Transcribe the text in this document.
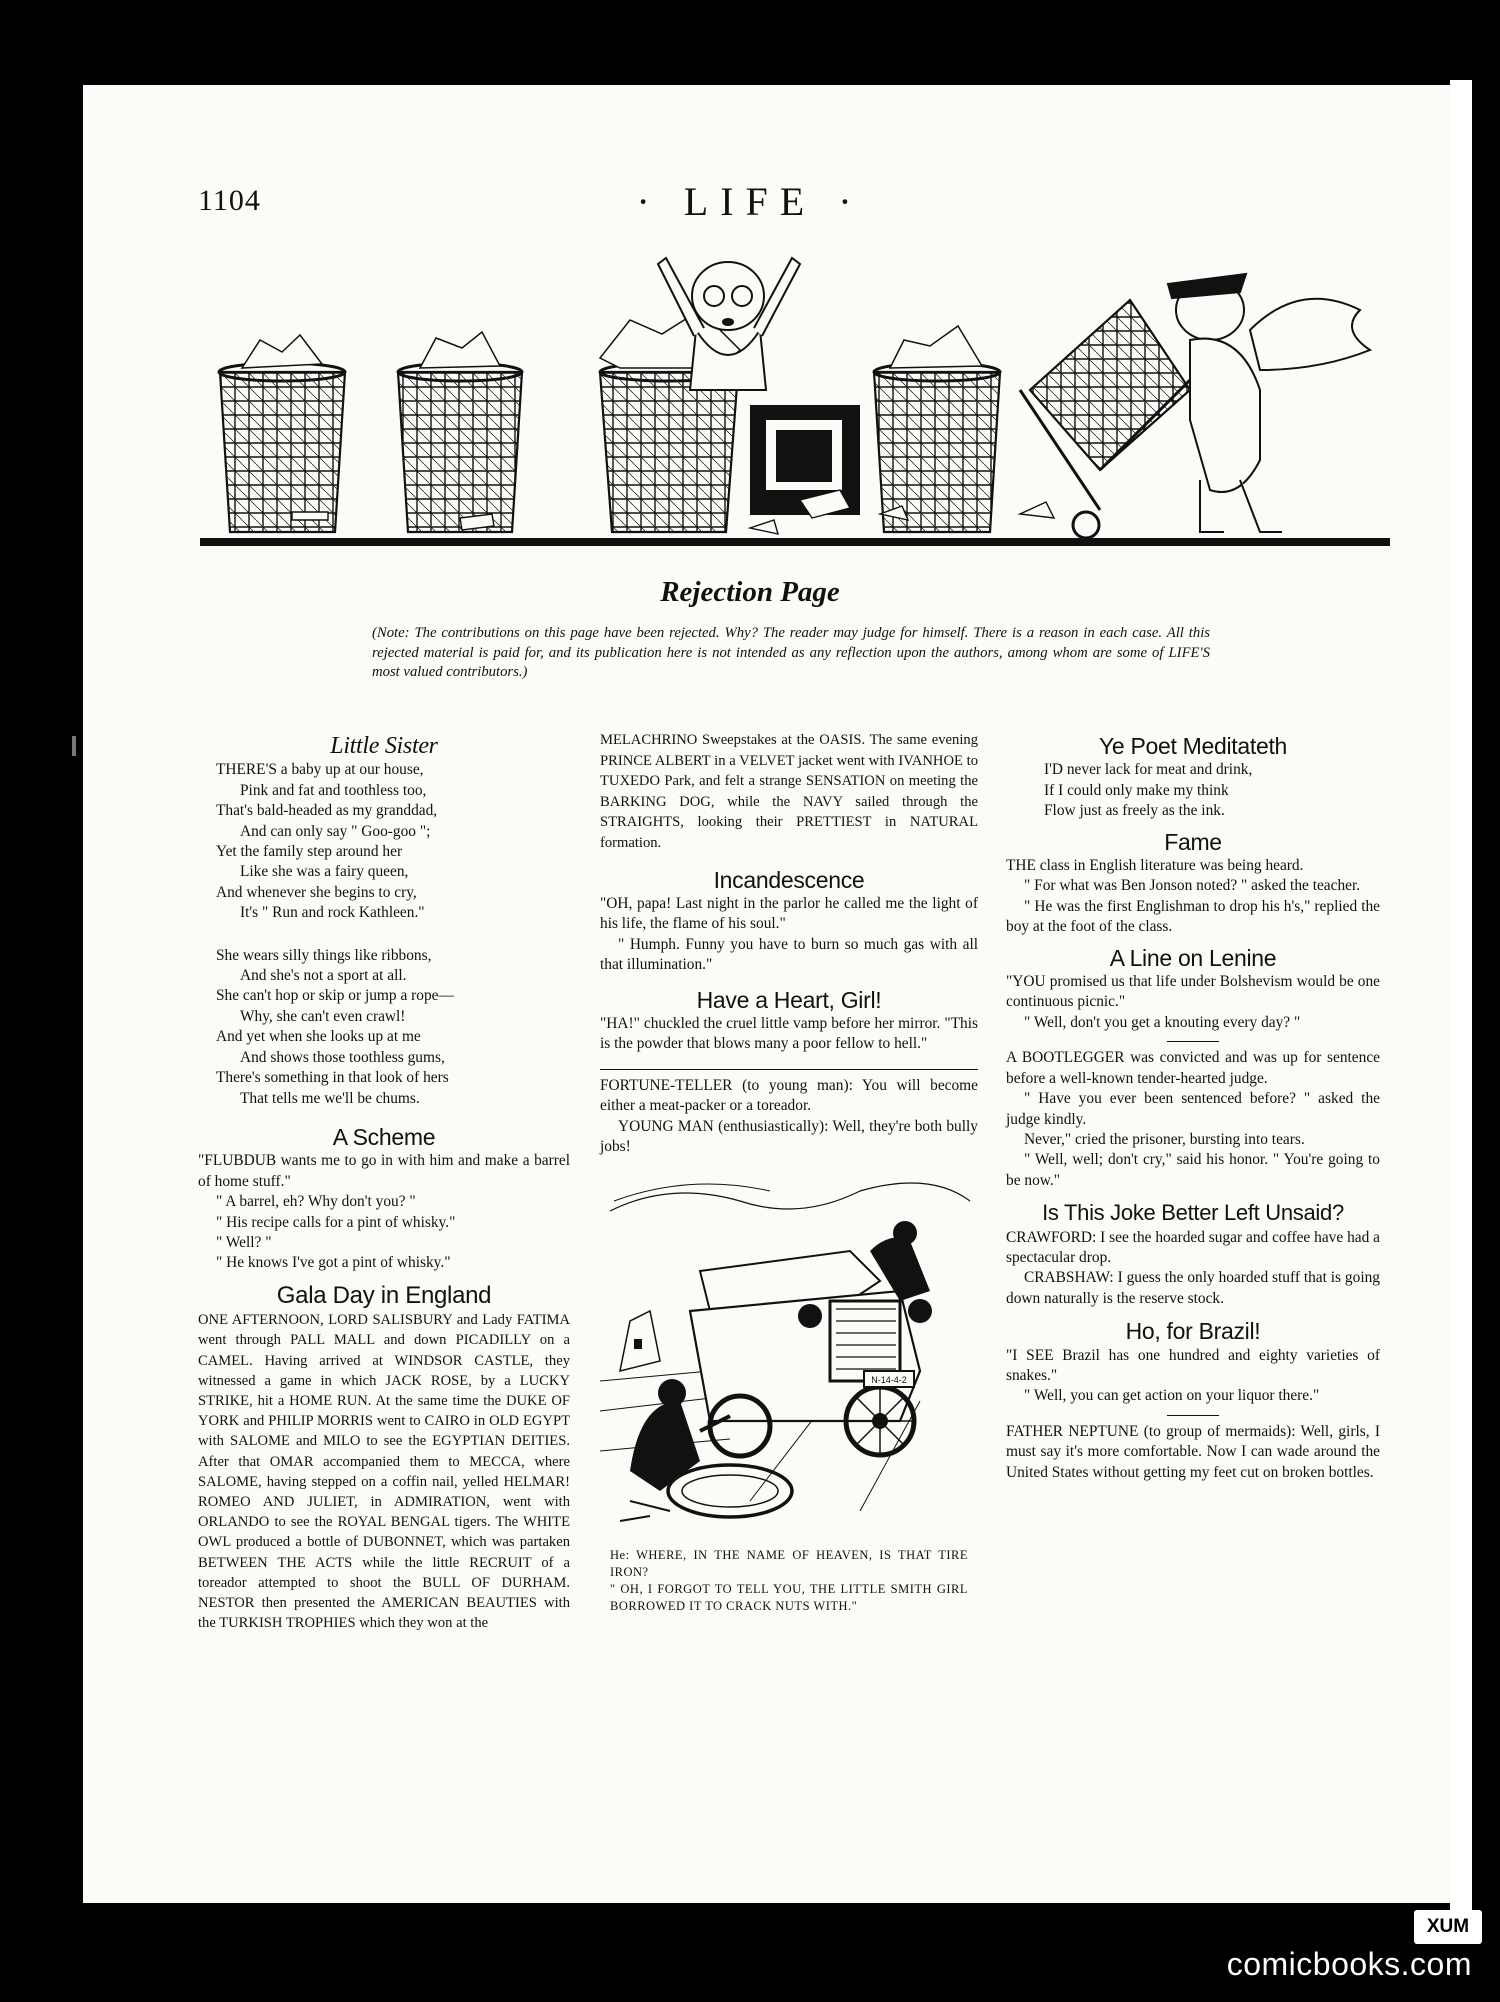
1104	· LIFE ·
Rejection Page
(Note: The contributions on this page have been rejected. Why? The reader may judge for himself. There is a reason in each case. All this rejected material is paid for, and its publication here is not intended as any reflection upon the authors, among whom are some of LIFE'S most valued contributors.)
Little Sister
THERE'S a baby up at our house,
Pink and fat and toothless too,
That's bald-headed as my granddad,
And can only say " Goo-goo ";
Yet the family step around her
Like she was a fairy queen,
And whenever she begins to cry,
It's " Run and rock Kathleen."
She wears silly things like ribbons,
And she's not a sport at all.
She can't hop or skip or jump a rope—
Why, she can't even crawl!
And yet when she looks up at me
And shows those toothless gums,
There's something in that look of hers
That tells me we'll be chums.
A Scheme

"FLUBDUB wants me to go in with him and make a barrel of home stuff."

" A barrel, eh? Why don't you? "

" His recipe calls for a pint of whisky."

" Well? "

" He knows I've got a pint of whisky."

Gala Day in England

ONE AFTERNOON, LORD SALISBURY and Lady FATIMA went through PALL MALL and down PICADILLY on a CAMEL. Having arrived at WINDSOR CASTLE, they witnessed a game in which JACK ROSE, by a LUCKY STRIKE, hit a HOME RUN. At the same time the DUKE OF YORK and PHILIP MORRIS went to CAIRO in OLD EGYPT with SALOME and MILO to see the EGYPTIAN DEITIES. After that OMAR accompanied them to MECCA, where SALOME, having stepped on a coffin nail, yelled HELMAR! ROMEO AND JULIET, in ADMIRATION, went with ORLANDO to see the ROYAL BENGAL tigers. The WHITE OWL produced a bottle of DUBONNET, which was partaken BETWEEN THE ACTS while the little RECRUIT of a toreador attempted to shoot the BULL OF DURHAM. NESTOR then presented the AMERICAN BEAUTIES with the TURKISH TROPHIES which they won at the

MELACHRINO Sweepstakes at the OASIS. The same evening PRINCE ALBERT in a VELVET jacket went with IVANHOE to TUXEDO Park, and felt a strange SENSATION on meeting the BARKING DOG, while the NAVY sailed through the STRAIGHTS, looking their PRETTIEST in NATURAL formation.

Incandescence

"OH, papa! Last night in the parlor he called me the light of his life, the flame of his soul."

" Humph. Funny you have to burn so much gas with all that illumination."

Have a Heart, Girl!

"HA!" chuckled the cruel little vamp before her mirror. "This is the powder that blows many a poor fellow to hell."

FORTUNE-TELLER (to young man): You will become either a meat-packer or a toreador.

YOUNG MAN (enthusiastically): Well, they're both bully jobs!

N-14-4-2
He: WHERE, IN THE NAME OF HEAVEN, IS THAT TIRE IRON?
" OH, I FORGOT TO TELL YOU, THE LITTLE SMITH GIRL BORROWED IT TO CRACK NUTS WITH."
Ye Poet Meditateth
I'D never lack for meat and drink,
If I could only make my think
Flow just as freely as the ink.
Fame

THE class in English literature was being heard.

" For what was Ben Jonson noted? " asked the teacher.

" He was the first Englishman to drop his h's," replied the boy at the foot of the class.

A Line on Lenine

"YOU promised us that life under Bolshevism would be one continuous picnic."

" Well, don't you get a knouting every day? "

A BOOTLEGGER was convicted and was up for sentence before a well-known tender-hearted judge.

" Have you ever been sentenced before? " asked the judge kindly.

Never," cried the prisoner, bursting into tears.

" Well, well; don't cry," said his honor. " You're going to be now."

Is This Joke Better Left Unsaid?

CRAWFORD: I see the hoarded sugar and coffee have had a spectacular drop.

CRABSHAW: I guess the only hoarded stuff that is going down naturally is the reserve stock.

Ho, for Brazil!

"I SEE Brazil has one hundred and eighty varieties of snakes."

" Well, you can get action on your liquor there."

FATHER NEPTUNE (to group of mermaids): Well, girls, I must say it's more comfortable. Now I can wade around the United States without getting my feet cut on broken bottles.

XUM
comicbooks.com
